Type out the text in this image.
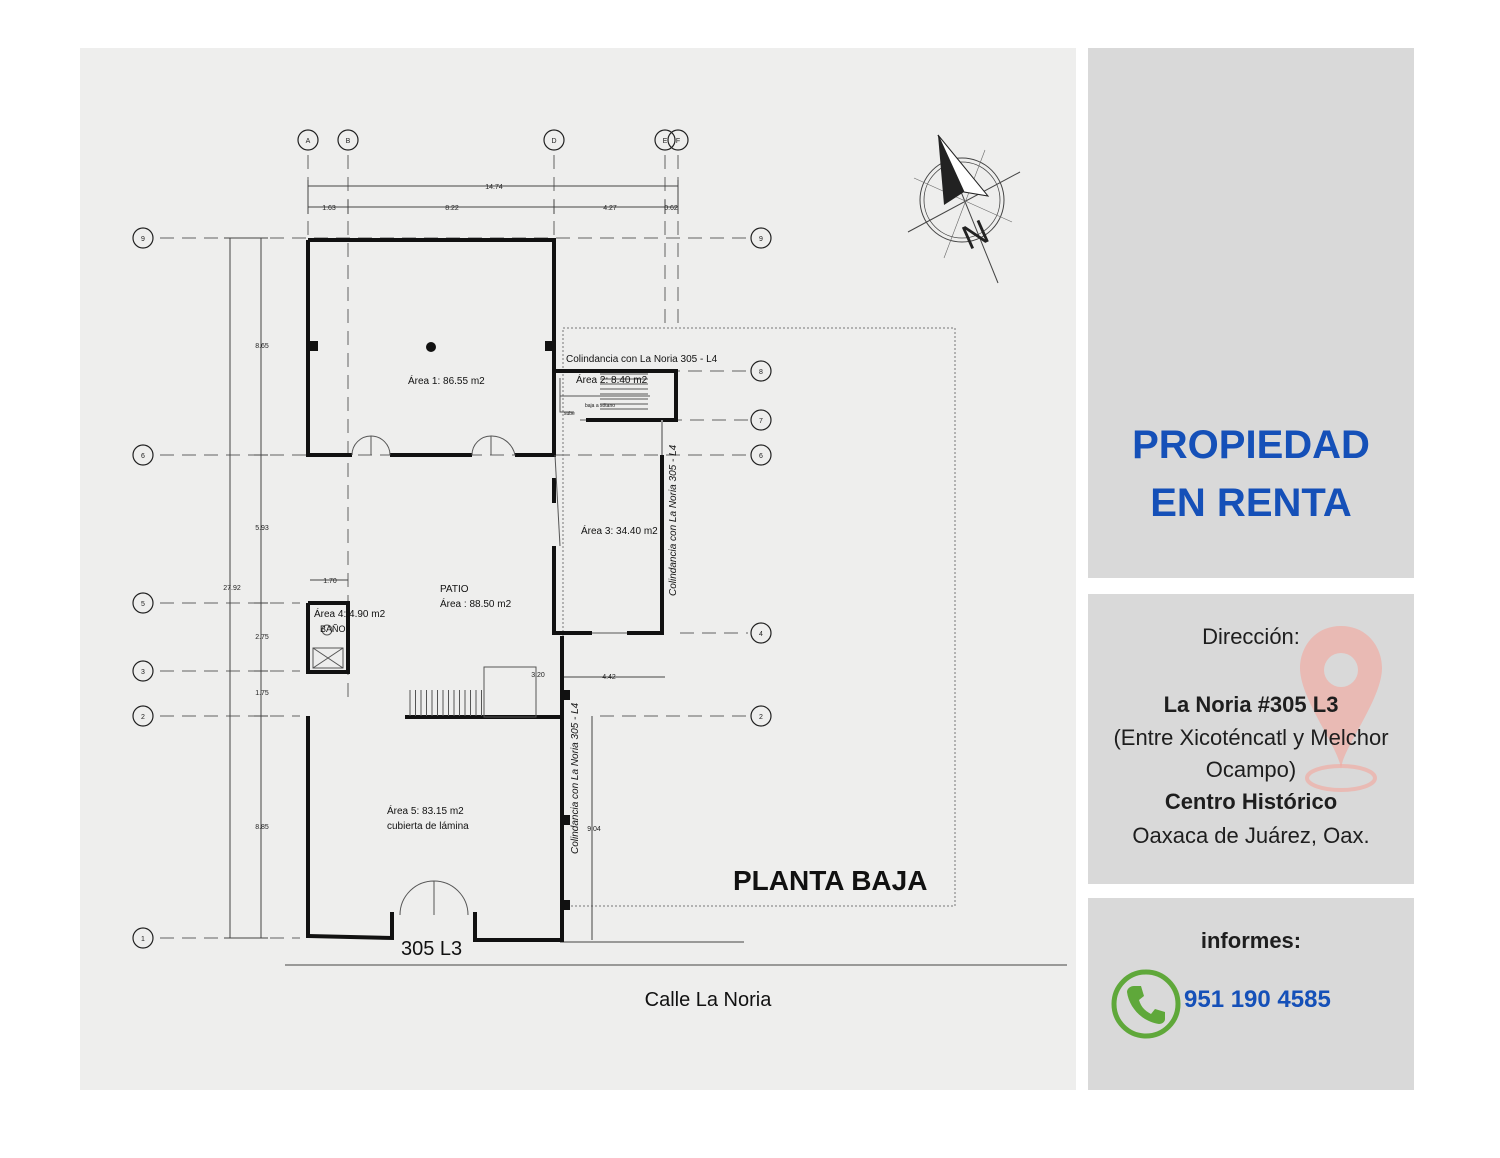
Área 1: 86.55 m2	Área 2: 8.40 m2
Colindancia con La Noria 305 - L4
Área 3: 34.40 m2
Área 4: 4.90 m2
BAÑO
PATIO
Área : 88.50 m2
Área 5: 83.15 m2
cubierta de lámina
baja a sótano
sube
Colindancia con La Noria 305 - L4
Colindancia con La Noria 305 - L4
14.74
1.63	8.22	4.27	0.62
27.92
8.65
5.93
2.75
1.75
8.85
1.70
3.20	4.42
9.04
A	B	D	E F
9
6
5
3
2
1
9
8
7
6
4
2
N
PLANTA BAJA
305 L3
Calle La Noria

PROPIEDAD

EN RENTA

Dirección:

La Noria #305 L3

(Entre Xicoténcatl y Melchor

Ocampo)

Centro Histórico

Oaxaca de Juárez, Oax.

informes:

951 190 4585
